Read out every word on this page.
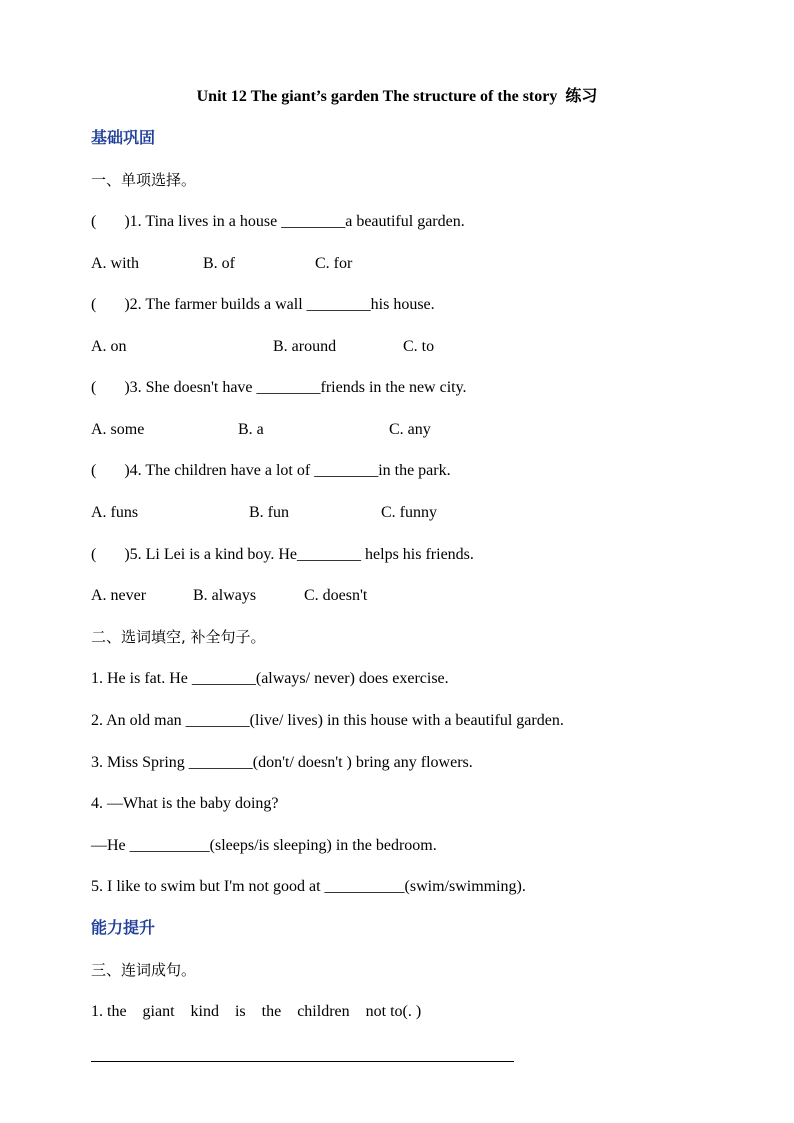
Unit 12 The giant’s garden The structure of the story  练习
基础巩固
一、单项选择。
(       )1. Tina lives in a house ________a beautiful garden.
A. with	B. of	C. for
(       )2. The farmer builds a wall ________his house.
A. on	B. around	C. to
(       )3. She doesn't have ________friends in the new city.
A. some	B. a	C. any
(       )4. The children have a lot of ________in the park.
A. funs	B. fun	C. funny
(       )5. Li Lei is a kind boy. He________ helps his friends.
A. never	B. always	C. doesn't
二、选词填空, 补全句子。
1. He is fat. He ________(always/ never) does exercise.
2. An old man ________(live/ lives) in this house with a beautiful garden.
3. Miss Spring ________(don't/ doesn't ) bring any flowers.
4. —What is the baby doing?
—He __________(sleeps/is sleeping) in the bedroom.
5. I like to swim but I'm not good at __________(swim/swimming).
能力提升
三、连词成句。
1. the    giant    kind    is    the    children    not to(. )
